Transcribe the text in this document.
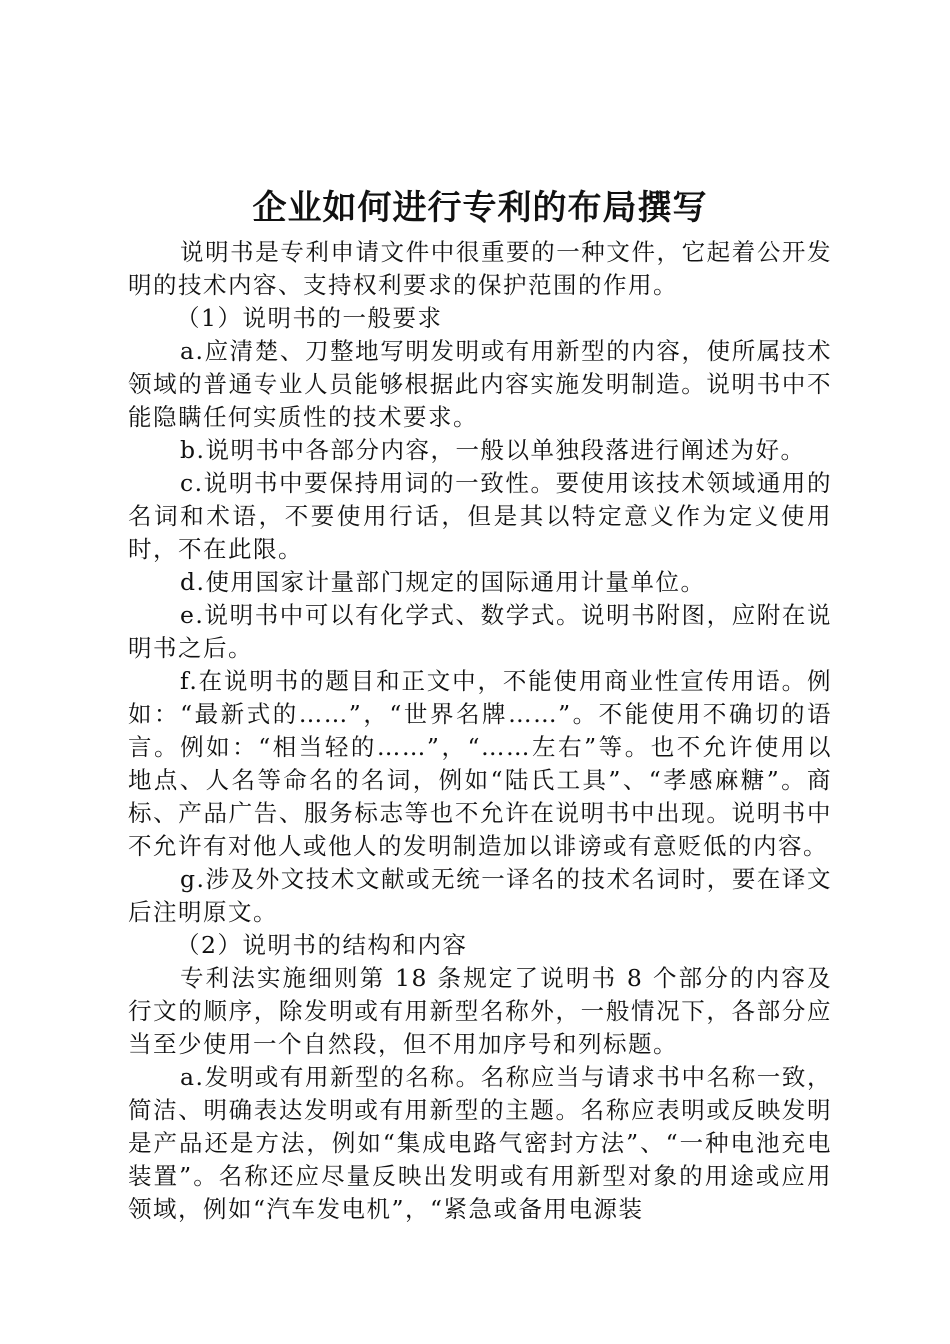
企业如何进行专利的布局撰写

说明书是专利申请文件中很重要的一种文件，它起着公开发明的技术内容、支持权利要求的保护范围的作用。

（1）说明书的一般要求

a.应清楚、刀整地写明发明或有用新型的内容，使所属技术领域的普通专业人员能够根据此内容实施发明制造。说明书中不能隐瞒任何实质性的技术要求。

b.说明书中各部分内容，一般以单独段落进行阐述为好。

c.说明书中要保持用词的一致性。要使用该技术领域通用的名词和术语，不要使用行话，但是其以特定意义作为定义使用时，不在此限。

d.使用国家计量部门规定的国际通用计量单位。

e.说明书中可以有化学式、数学式。说明书附图，应附在说明书之后。

f.在说明书的题目和正文中，不能使用商业性宣传用语。例如：“最新式的……”，“世界名牌……”。不能使用不确切的语言。例如：“相当轻的……”，“……左右”等。也不允许使用以地点、人名等命名的名词，例如“陆氏工具”、“孝感麻糖”。商标、产品广告、服务标志等也不允许在说明书中出现。说明书中不允许有对他人或他人的发明制造加以诽谤或有意贬低的内容。

g.涉及外文技术文献或无统一译名的技术名词时，要在译文后注明原文。

（2）说明书的结构和内容

专利法实施细则第 18 条规定了说明书 8 个部分的内容及行文的顺序，除发明或有用新型名称外，一般情况下，各部分应当至少使用一个自然段，但不用加序号和列标题。

a.发明或有用新型的名称。名称应当与请求书中名称一致，简洁、明确表达发明或有用新型的主题。名称应表明或反映发明是产品还是方法，例如“集成电路气密封方法”、“一种电池充电装置”。名称还应尽量反映出发明或有用新型对象的用途或应用领域，例如“汽车发电机”，“紧急或备用电源装
